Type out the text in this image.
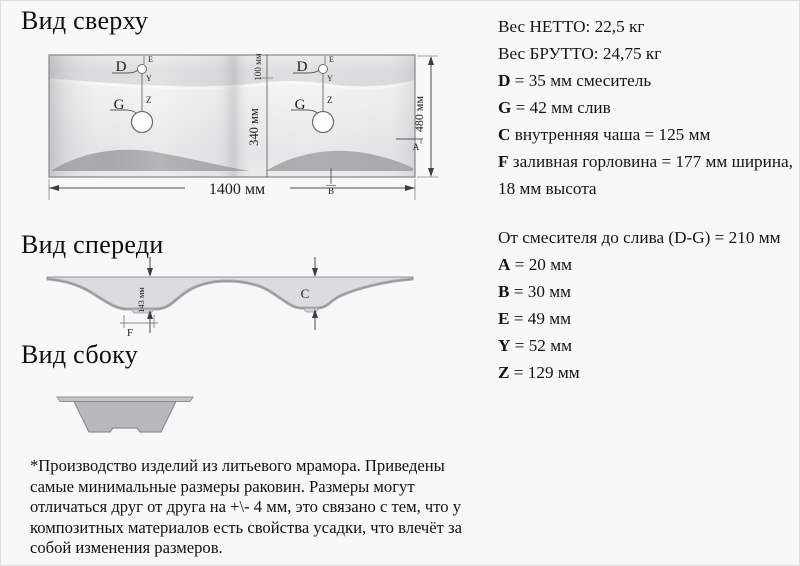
Вид сверху
100 мм
340 мм
D	E
Y
Z
G
D	E
Y
Z
G
A
B
480 мм
1400 мм
Вид спереди
143 мм
F
C
Вид сбоку

*Производство изделий из литьевого мрамора. Приведены самые минимальные размеры раковин. Размеры могут отличаться друг от друга на +\- 4 мм, это связано с тем, что у композитных материалов есть свойства усадки, что влечёт за собой изменения размеров.

Вес НЕТТО: 22,5 кг
Вес БРУТТО: 24,75 кг
D = 35 мм смеситель
G = 42 мм слив
C внутренняя чаша = 125 мм
F заливная горловина = 177 мм ширина,
18 мм высота
От смесителя до слива (D-G) = 210 мм
A = 20 мм
B = 30 мм
E = 49 мм
Y = 52 мм
Z = 129 мм
